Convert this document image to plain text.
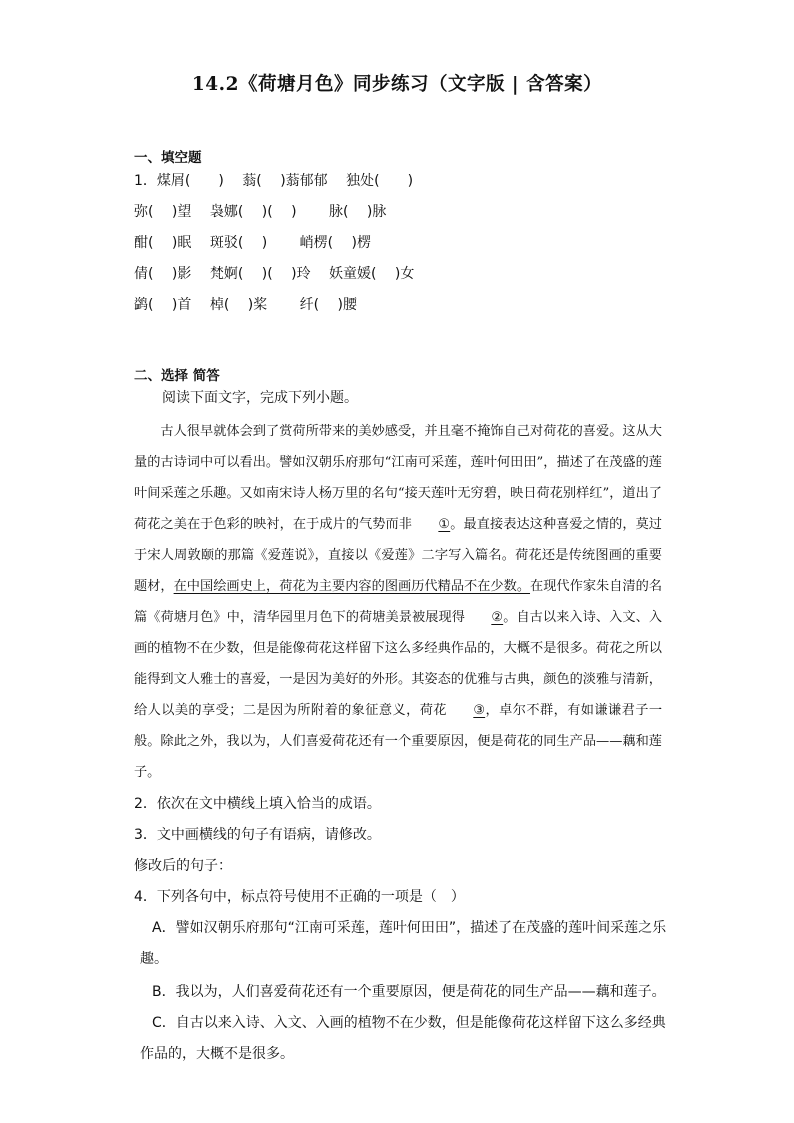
14.2《荷塘月色》同步练习（文字版 | 含答案）
一、填空题
1．煤屑(　　)　 蓊(　 )蓊郁郁　 独处(　　)
弥(　 )望　 袅娜(　 )(　 )　　 脉(　 )脉
酣(　 )眠　 斑驳(　 )　　 峭楞(　 )楞
倩(　 )影　 梵婀(　 )(　 )玲　 妖童媛(　 )女
鹢(　 )首　 棹(　 )桨　　 纤(　 )腰
二、选择 简答
阅读下面文字，完成下列小题。
古人很早就体会到了赏荷所带来的美妙感受，并且毫不掩饰自己对荷花的喜爱。这从大量的古诗词中可以看出。譬如汉朝乐府那句“江南可采莲，莲叶何田田”，描述了在茂盛的莲叶间采莲之乐趣。又如南宋诗人杨万里的名句“接天莲叶无穷碧，映日荷花别样红”，道出了荷花之美在于色彩的映衬，在于成片的气势而非 ①。最直接表达这种喜爱之情的，莫过于宋人周敦颐的那篇《爱莲说》，直接以《爱莲》二字写入篇名。荷花还是传统图画的重要题材，在中国绘画史上，荷花为主要内容的图画历代精品不在少数。在现代作家朱自清的名篇《荷塘月色》中，清华园里月色下的荷塘美景被展现得 ②。自古以来入诗、入文、入画的植物不在少数，但是能像荷花这样留下这么多经典作品的，大概不是很多。荷花之所以能得到文人雅士的喜爱，一是因为美好的外形。其姿态的优雅与古典，颜色的淡雅与清新，给人以美的享受；二是因为所附着的象征意义，荷花 ③，卓尔不群，有如谦谦君子一般。除此之外，我以为，人们喜爱荷花还有一个重要原因，便是荷花的同生产品——藕和莲子。
2．依次在文中横线上填入恰当的成语。
3．文中画横线的句子有语病，请修改。
修改后的句子：
4．下列各句中，标点符号使用不正确的一项是（　）
A．譬如汉朝乐府那句“江南可采莲，莲叶何田田”，描述了在茂盛的莲叶间采莲之乐
趣。
B．我以为，人们喜爱荷花还有一个重要原因，便是荷花的同生产品——藕和莲子。
C．自古以来入诗、入文、入画的植物不在少数，但是能像荷花这样留下这么多经典
作品的，大概不是很多。
